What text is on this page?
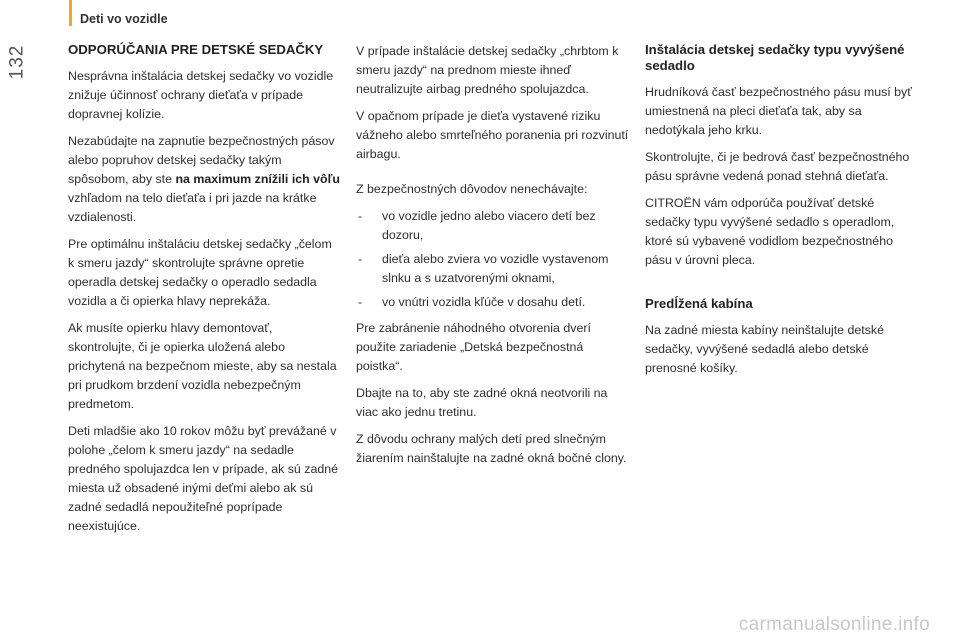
Deti vo vozidle
132	ODPORÚČANIA PRE DETSKÉ SEDAČKY

Nesprávna inštalácia detskej sedačky vo vozidle znižuje účinnosť ochrany dieťaťa v prípade dopravnej kolízie.

Nezabúdajte na zapnutie bezpečnostných pásov alebo popruhov detskej sedačky takým spôsobom, aby ste na maximum znížili ich vôľu vzhľadom na telo dieťaťa i pri jazde na krátke vzdialenosti.

Pre optimálnu inštaláciu detskej sedačky „čelom k smeru jazdy“ skontrolujte správne opretie operadla detskej sedačky o operadlo sedadla vozidla a či opierka hlavy neprekáža.

Ak musíte opierku hlavy demontovať, skontrolujte, či je opierka uložená alebo prichytená na bezpečnom mieste, aby sa nestala pri prudkom brzdení vozidla nebezpečným predmetom.

Deti mladšie ako 10 rokov môžu byť prevážané v polohe „čelom k smeru jazdy“ na sedadle predného spolujazdca len v prípade, ak sú zadné miesta už obsadené inými deťmi alebo ak sú zadné sedadlá nepoužiteľné poprípade neexistujúce.

V prípade inštalácie detskej sedačky „chrbtom k smeru jazdy“ na prednom mieste ihneď neutralizujte airbag predného spolujazdca.

V opačnom prípade je dieťa vystavené riziku vážneho alebo smrteľného poranenia pri rozvinutí airbagu.

Z bezpečnostných dôvodov nenechávajte:

- vo vozidle jedno alebo viacero detí bez dozoru,
- dieťa alebo zviera vo vozidle vystavenom slnku a s uzatvorenými oknami,
- vo vnútri vozidla kľúče v dosahu detí.

Pre zabránenie náhodného otvorenia dverí použite zariadenie „Detská bezpečnostná poistka“.

Dbajte na to, aby ste zadné okná neotvorili na viac ako jednu tretinu.

Z dôvodu ochrany malých detí pred slnečným žiarením nainštalujte na zadné okná bočné clony.

Inštalácia detskej sedačky typu vyvýšené sedadlo

Hrudníková časť bezpečnostného pásu musí byť umiestnená na pleci dieťaťa tak, aby sa nedotýkala jeho krku.

Skontrolujte, či je bedrová časť bezpečnostného pásu správne vedená ponad stehná dieťaťa.

CITROËN vám odporúča používať detské sedačky typu vyvýšené sedadlo s operadlom, ktoré sú vybavené vodidlom bezpečnostného pásu v úrovni pleca.

Predĺžená kabína

Na zadné miesta kabíny neinštalujte detské sedačky, vyvýšené sedadlá alebo detské prenosné košíky.

carmanualsonline.info
